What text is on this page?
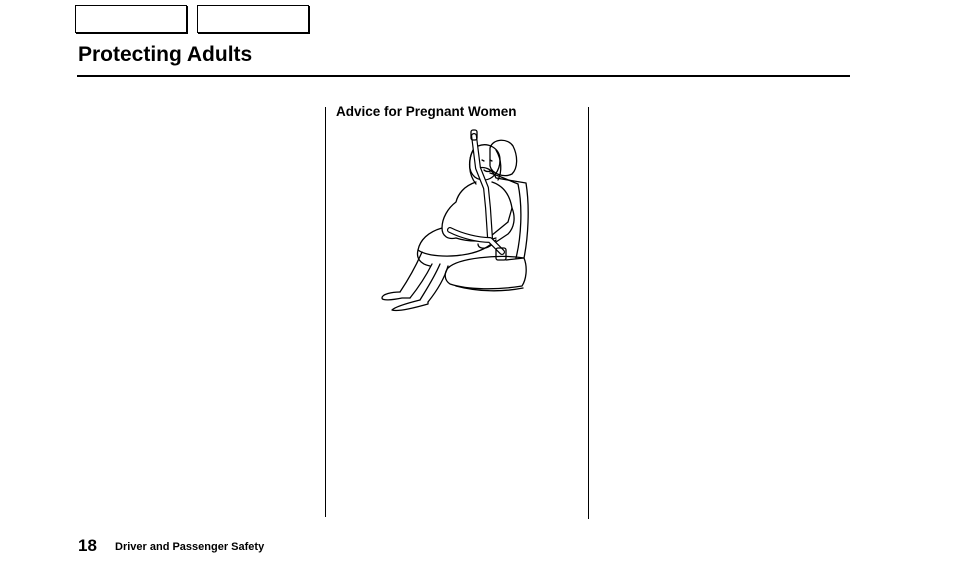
Protecting Adults
Advice for Pregnant Women
18 Driver and Passenger Safety
